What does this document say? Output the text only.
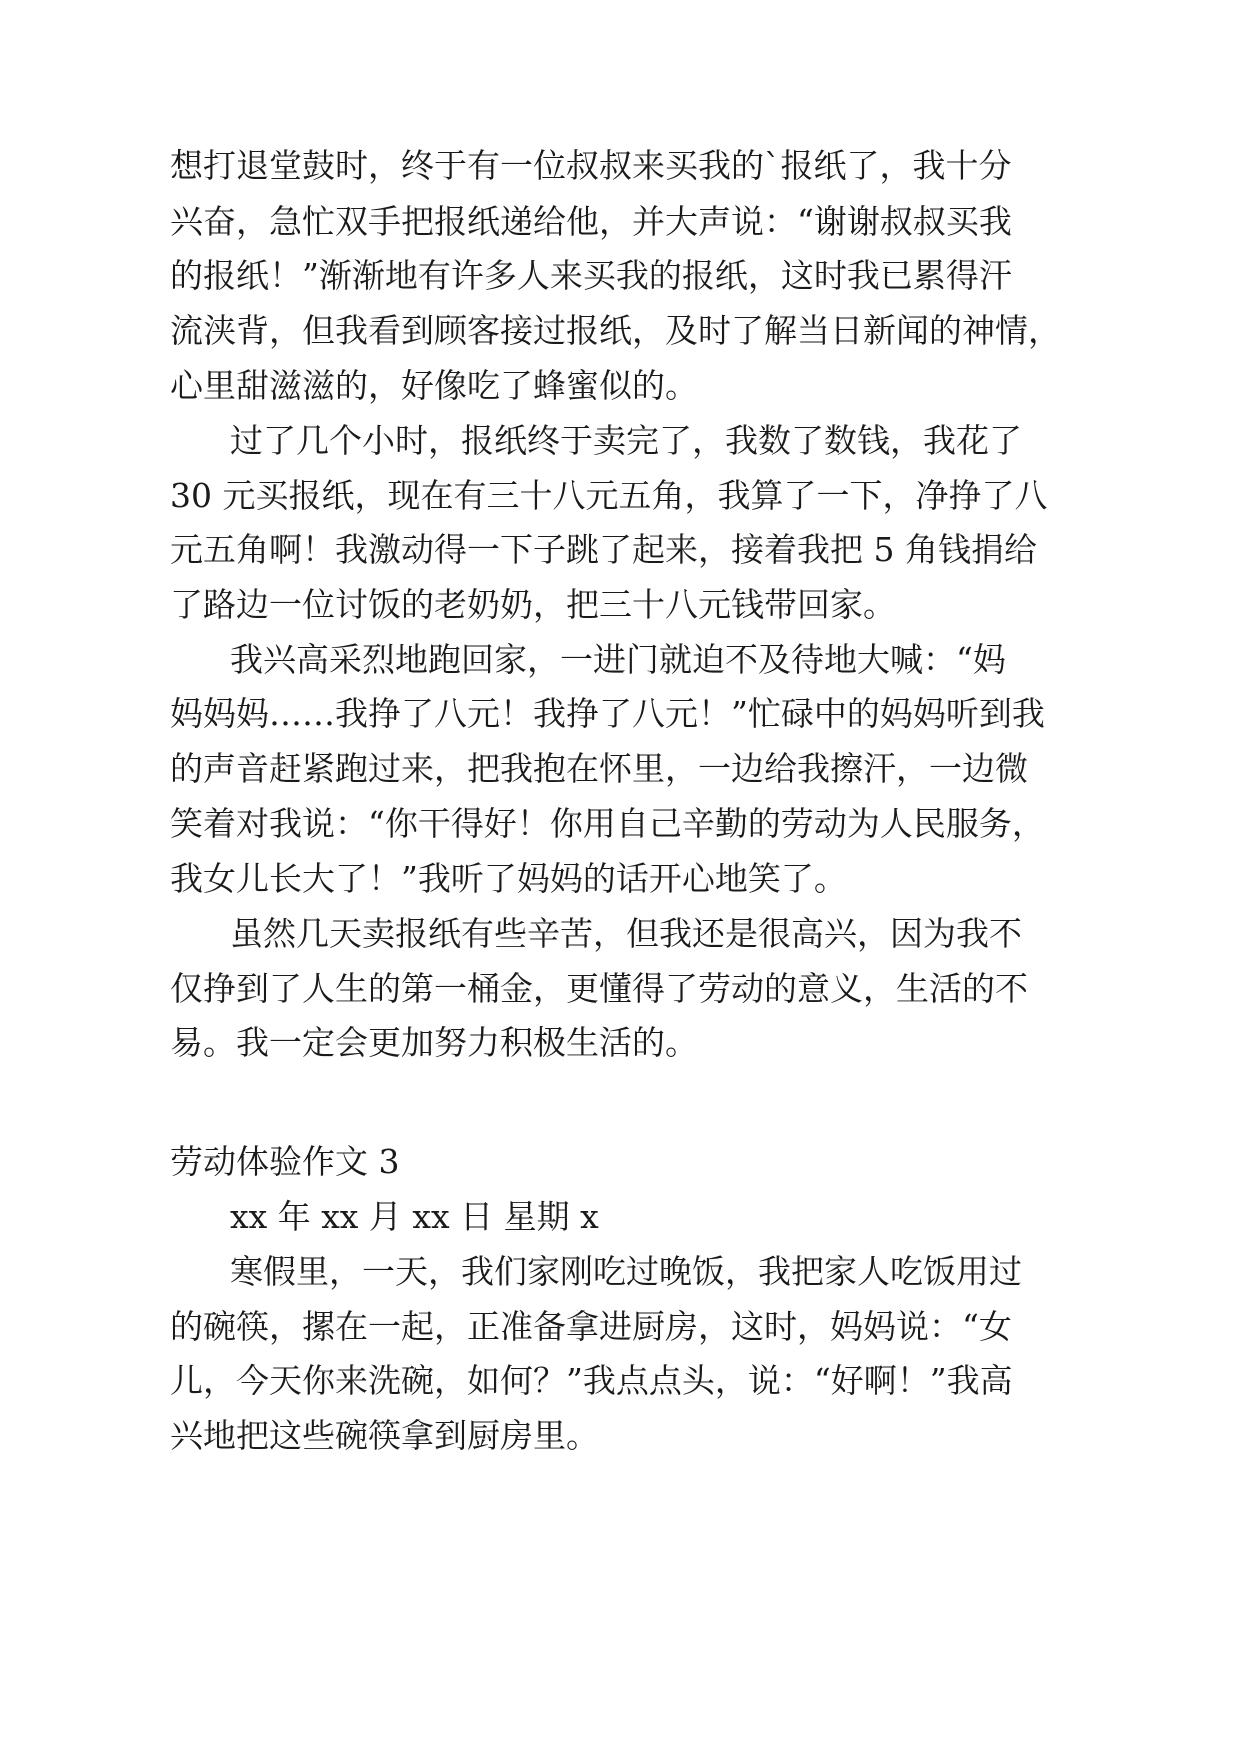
想打退堂鼓时，终于有一位叔叔来买我的`报纸了，我十分
兴奋，急忙双手把报纸递给他，并大声说：“谢谢叔叔买我
的报纸！”渐渐地有许多人来买我的报纸，这时我已累得汗
流浃背，但我看到顾客接过报纸，及时了解当日新闻的神情，
心里甜滋滋的，好像吃了蜂蜜似的。
过了几个小时，报纸终于卖完了，我数了数钱，我花了
30 元买报纸，现在有三十八元五角，我算了一下，净挣了八
元五角啊！我激动得一下子跳了起来，接着我把 5 角钱捐给
了路边一位讨饭的老奶奶，把三十八元钱带回家。
我兴高采烈地跑回家，一进门就迫不及待地大喊：“妈
妈妈妈……我挣了八元！我挣了八元！”忙碌中的妈妈听到我
的声音赶紧跑过来，把我抱在怀里，一边给我擦汗，一边微
笑着对我说：“你干得好！你用自己辛勤的劳动为人民服务，
我女儿长大了！”我听了妈妈的话开心地笑了。
虽然几天卖报纸有些辛苦，但我还是很高兴，因为我不
仅挣到了人生的第一桶金，更懂得了劳动的意义，生活的不
易。我一定会更加努力积极生活的。
劳动体验作文 3
xx 年 xx 月 xx 日 星期 x
寒假里，一天，我们家刚吃过晚饭，我把家人吃饭用过
的碗筷，摞在一起，正准备拿进厨房，这时，妈妈说：“女
儿，今天你来洗碗，如何？”我点点头，说：“好啊！”我高
兴地把这些碗筷拿到厨房里。
